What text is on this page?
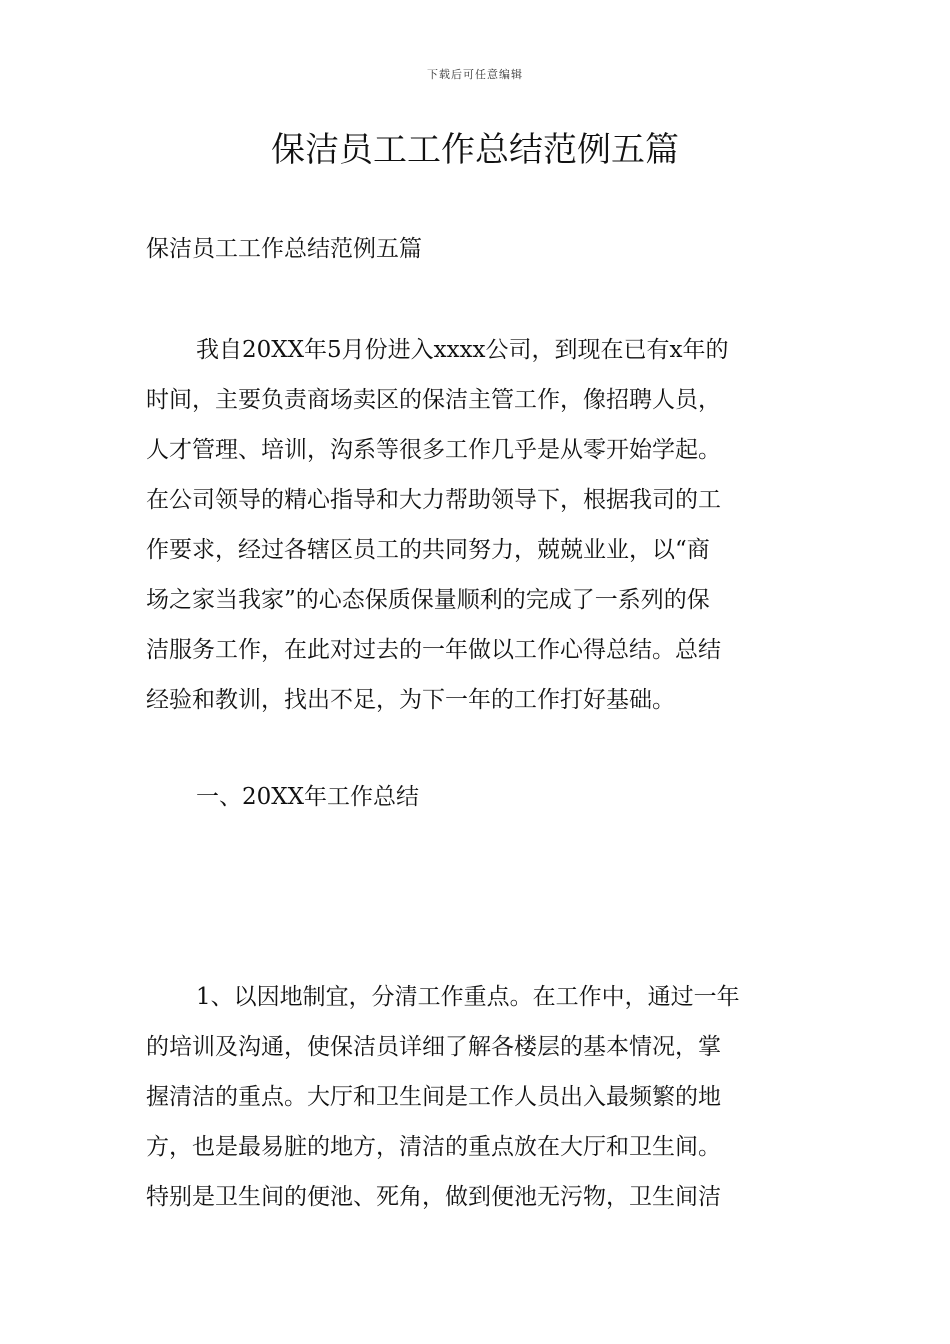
下载后可任意编辑
保洁员工工作总结范例五篇
保洁员工工作总结范例五篇
我自20XX年5月份进入xxxx公司，到现在已有x年的
时间，主要负责商场卖区的保洁主管工作，像招聘人员，
人才管理、培训，沟系等很多工作几乎是从零开始学起。
在公司领导的精心指导和大力帮助领导下，根据我司的工
作要求，经过各辖区员工的共同努力，兢兢业业，以“商
场之家当我家”的心态保质保量顺利的完成了一系列的保
洁服务工作，在此对过去的一年做以工作心得总结。总结
经验和教训，找出不足，为下一年的工作打好基础。
一、20XX年工作总结
1、以因地制宜，分清工作重点。在工作中，通过一年
的培训及沟通，使保洁员详细了解各楼层的基本情况，掌
握清洁的重点。大厅和卫生间是工作人员出入最频繁的地
方，也是最易脏的地方，清洁的重点放在大厅和卫生间。
特别是卫生间的便池、死角，做到便池无污物，卫生间洁
